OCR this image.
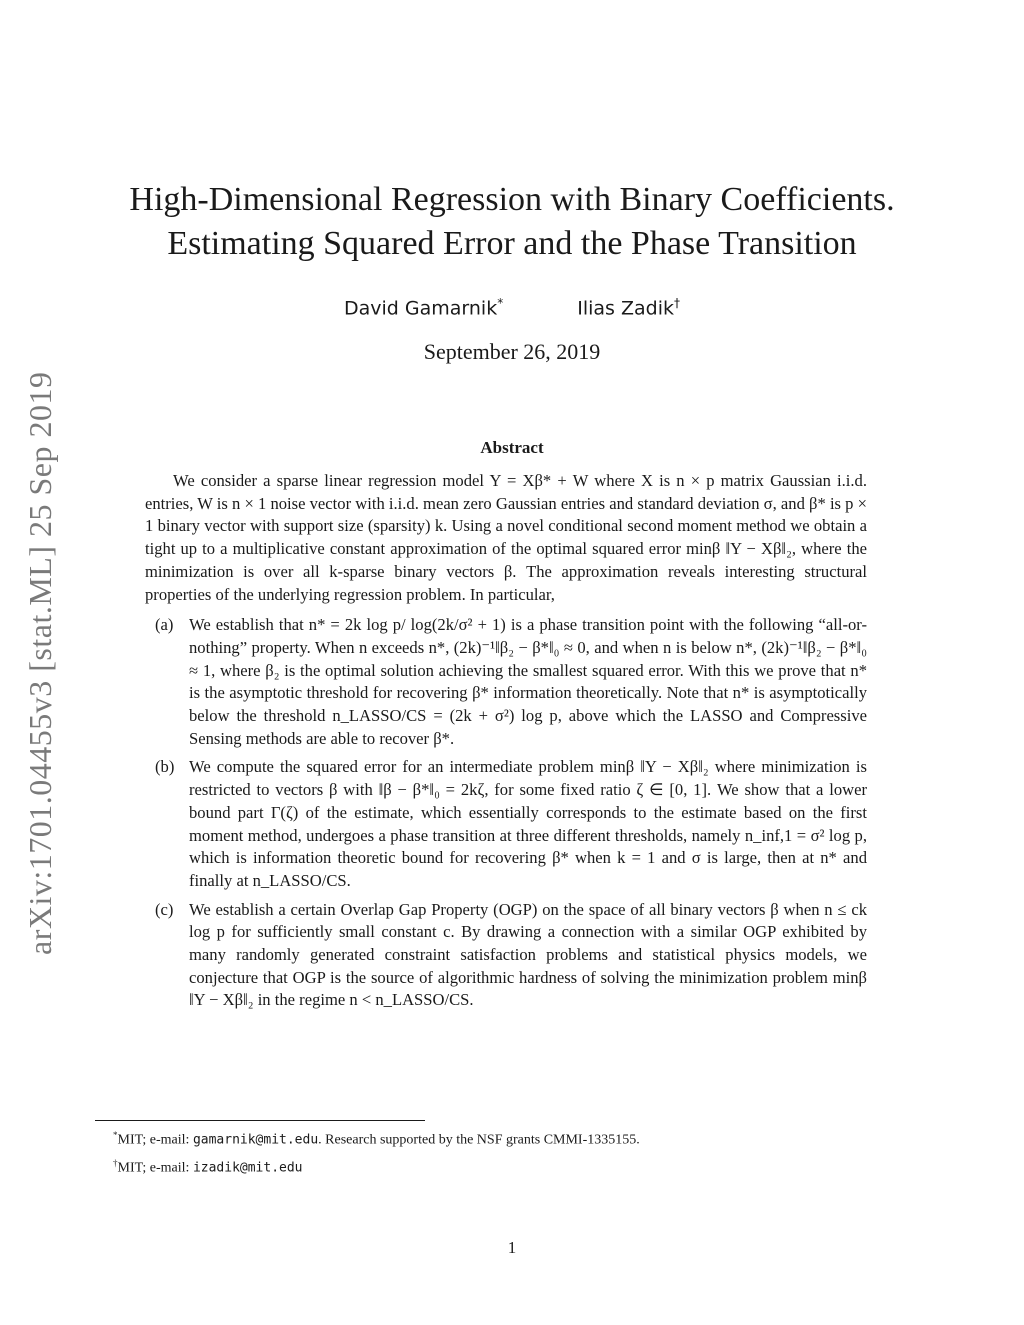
arXiv:1701.04455v3 [stat.ML] 25 Sep 2019
High-Dimensional Regression with Binary Coefficients.
Estimating Squared Error and the Phase Transition
David Gamarnik*	Ilias Zadik†
September 26, 2019
Abstract

We consider a sparse linear regression model Y = Xβ* + W where X is n × p matrix Gaussian i.i.d. entries, W is n × 1 noise vector with i.i.d. mean zero Gaussian entries and standard deviation σ, and β* is p × 1 binary vector with support size (sparsity) k. Using a novel conditional second moment method we obtain a tight up to a multiplicative constant approximation of the optimal squared error minβ ‖Y − Xβ‖₂, where the minimization is over all k-sparse binary vectors β. The approximation reveals interesting structural properties of the underlying regression problem. In particular,

(a) We establish that n* = 2k log p/ log(2k/σ² + 1) is a phase transition point with the following “all-or-nothing” property. When n exceeds n*, (2k)⁻¹‖β₂ − β*‖₀ ≈ 0, and when n is below n*, (2k)⁻¹‖β₂ − β*‖₀ ≈ 1, where β₂ is the optimal solution achieving the smallest squared error. With this we prove that n* is the asymptotic threshold for recovering β* information theoretically. Note that n* is asymptotically below the threshold n_LASSO/CS = (2k + σ²) log p, above which the LASSO and Compressive Sensing methods are able to recover β*.
(b) We compute the squared error for an intermediate problem minβ ‖Y − Xβ‖₂ where minimization is restricted to vectors β with ‖β − β*‖₀ = 2kζ, for some fixed ratio ζ ∈ [0, 1]. We show that a lower bound part Γ(ζ) of the estimate, which essentially corresponds to the estimate based on the first moment method, undergoes a phase transition at three different thresholds, namely n_inf,1 = σ² log p, which is information theoretic bound for recovering β* when k = 1 and σ is large, then at n* and finally at n_LASSO/CS.
(c) We establish a certain Overlap Gap Property (OGP) on the space of all binary vectors β when n ≤ ck log p for sufficiently small constant c. By drawing a connection with a similar OGP exhibited by many randomly generated constraint satisfaction problems and statistical physics models, we conjecture that OGP is the source of algorithmic hardness of solving the minimization problem minβ ‖Y − Xβ‖₂ in the regime n < n_LASSO/CS.
*MIT; e-mail: gamarnik@mit.edu. Research supported by the NSF grants CMMI-1335155.
†MIT; e-mail: izadik@mit.edu
1
